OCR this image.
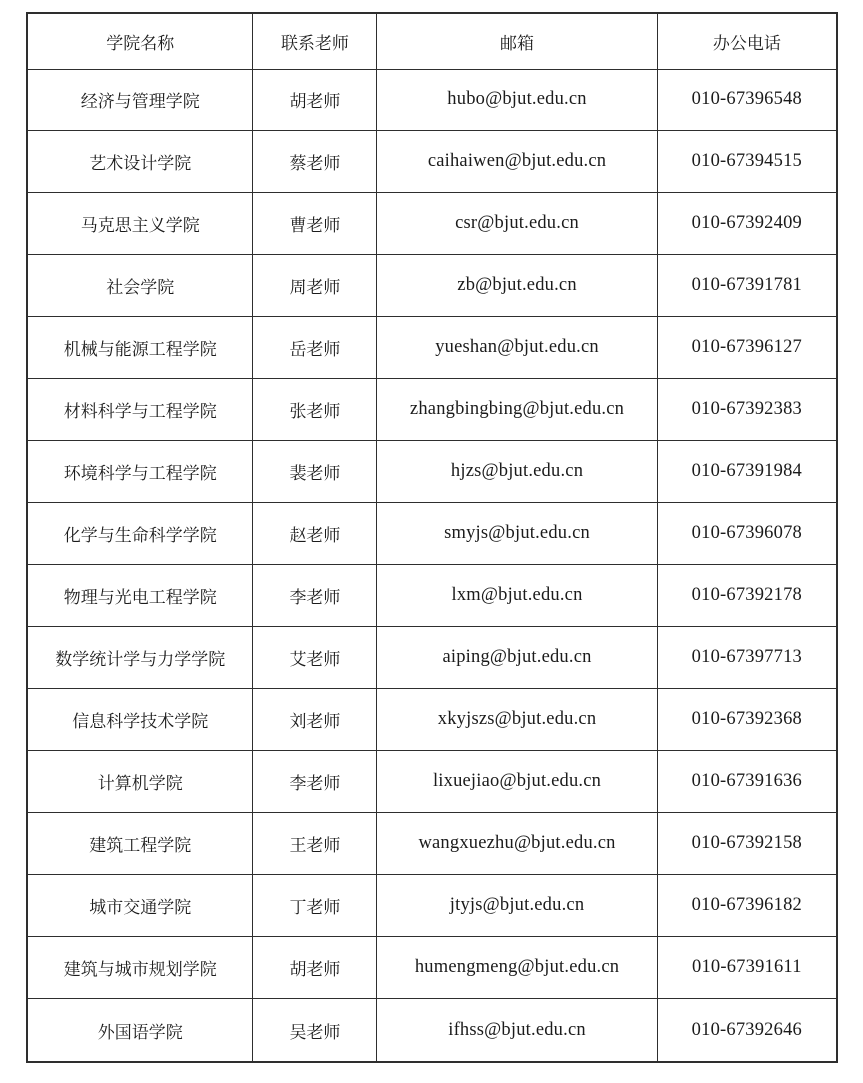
学院名称	联系老师	邮箱	办公电话
经济与管理学院	胡老师	hubo@bjut.edu.cn	010-67396548
艺术设计学院	蔡老师	caihaiwen@bjut.edu.cn	010-67394515
马克思主义学院	曹老师	csr@bjut.edu.cn	010-67392409
社会学院	周老师	zb@bjut.edu.cn	010-67391781
机械与能源工程学院	岳老师	yueshan@bjut.edu.cn	010-67396127
材料科学与工程学院	张老师	zhangbingbing@bjut.edu.cn	010-67392383
环境科学与工程学院	裴老师	hjzs@bjut.edu.cn	010-67391984
化学与生命科学学院	赵老师	smyjs@bjut.edu.cn	010-67396078
物理与光电工程学院	李老师	lxm@bjut.edu.cn	010-67392178
数学统计学与力学学院	艾老师	aiping@bjut.edu.cn	010-67397713
信息科学技术学院	刘老师	xkyjszs@bjut.edu.cn	010-67392368
计算机学院	李老师	lixuejiao@bjut.edu.cn	010-67391636
建筑工程学院	王老师	wangxuezhu@bjut.edu.cn	010-67392158
城市交通学院	丁老师	jtyjs@bjut.edu.cn	010-67396182
建筑与城市规划学院	胡老师	humengmeng@bjut.edu.cn	010-67391611
外国语学院	吴老师	ifhss@bjut.edu.cn	010-67392646
